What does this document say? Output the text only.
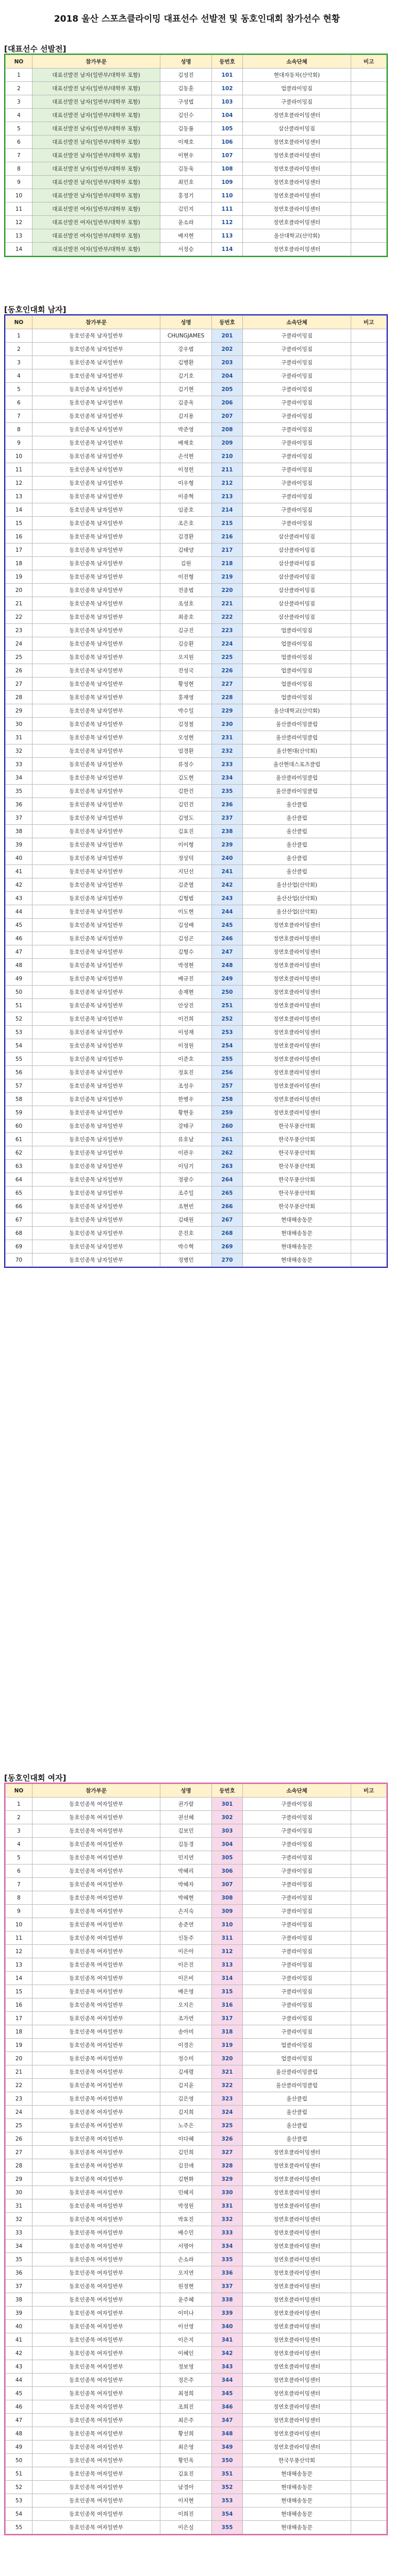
2018 울산 스포츠클라이밍 대표선수 선발전 및 동호인대회 참가선수 현황
[대표선수 선발전]
NO	참가부문	성명	등번호	소속단체	비고
1	대표선발전 남자(일반부/대학부 포함)	김성진	101	현대자동차(산악회)	
2	대표선발전 남자(일반부/대학부 포함)	김동훈	102	업클라이밍짐	
3	대표선발전 남자(일반부/대학부 포함)	구성법	103	구클라이밍짐	
4	대표선발전 남자(일반부/대학부 포함)	김인수	104	정연호클라이밍센터	
5	대표선발전 남자(일반부/대학부 포함)	김동률	105	삼산클라이밍짐	
6	대표선발전 남자(일반부/대학부 포함)	이재호	106	정연호클라이밍센터	
7	대표선발전 남자(일반부/대학부 포함)	이현우	107	정연호클라이밍센터	
8	대표선발전 남자(일반부/대학부 포함)	김동욱	108	정연호클라이밍센터	
9	대표선발전 남자(일반부/대학부 포함)	최민호	109	정연호클라이밍센터	
10	대표선발전 남자(일반부/대학부 포함)	홍정기	110	정연호클라이밍센터	
11	대표선발전 여자(일반부/대학부 포함)	김민지	111	정연호클라이밍센터	
12	대표선발전 여자(일반부/대학부 포함)	윤소라	112	정연호클라이밍센터	
13	대표선발전 여자(일반부/대학부 포함)	배지현	113	울산대학교(산악회)	
14	대표선발전 여자(일반부/대학부 포함)	서정승	114	정연호클라이밍센터	
[동호인대회 남자]
NO	참가부문	성명	등번호	소속단체	비고
1	동호인종목 남자일반부	CHUNGJAMES	201	구클라이밍짐	
2	동호인종목 남자일반부	강우범	202	구클라이밍짐	
3	동호인종목 남자일반부	김병환	203	구클라이밍짐	
4	동호인종목 남자일반부	김기호	204	구클라이밍짐	
5	동호인종목 남자일반부	김기현	205	구클라이밍짐	
6	동호인종목 남자일반부	김종옥	206	구클라이밍짐	
7	동호인종목 남자일반부	김지용	207	구클라이밍짐	
8	동호인종목 남자일반부	박준영	208	구클라이밍짐	
9	동호인종목 남자일반부	배재호	209	구클라이밍짐	
10	동호인종목 남자일반부	손석현	210	구클라이밍짐	
11	동호인종목 남자일반부	이정헌	211	구클라이밍짐	
12	동호인종목 남자일반부	이우형	212	구클라이밍짐	
13	동호인종목 남자일반부	이종혁	213	구클라이밍짐	
14	동호인종목 남자일반부	임종호	214	구클라이밍짐	
15	동호인종목 남자일반부	조은호	215	구클라이밍짐	
16	동호인종목 남자일반부	김경환	216	삼산클라이밍짐	
17	동호인종목 남자일반부	김태양	217	삼산클라이밍짐	
18	동호인종목 남자일반부	김원	218	삼산클라이밍짐	
19	동호인종목 남자일반부	이진형	219	삼산클라이밍짐	
20	동호인종목 남자일반부	전종범	220	삼산클라이밍짐	
21	동호인종목 남자일반부	조성호	221	삼산클라이밍짐	
22	동호인종목 남자일반부	최종호	222	삼산클라이밍짐	
23	동호인종목 남자일반부	김규진	223	업클라이밍짐	
24	동호인종목 남자일반부	김승환	224	업클라이밍짐	
25	동호인종목 남자일반부	오지원	225	업클라이밍짐	
26	동호인종목 남자일반부	전성국	226	업클라이밍짐	
27	동호인종목 남자일반부	황성현	227	업클라이밍짐	
28	동호인종목 남자일반부	홍재영	228	업클라이밍짐	
29	동호인종목 남자일반부	박수일	229	울산대학교(산악회)	
30	동호인종목 남자일반부	김정철	230	울산클라이밍클럽	
31	동호인종목 남자일반부	오성현	231	울산클라이밍클럽	
32	동호인종목 남자일반부	엄경환	232	울산현대(산악회)	
33	동호인종목 남자일반부	류정수	233	울산현대스포츠클럽	
34	동호인종목 남자일반부	김도현	234	울산클라이밍클럽	
35	동호인종목 남자일반부	김한건	235	울산클라이밍클럽	
36	동호인종목 남자일반부	김민건	236	울산클럽	
37	동호인종목 남자일반부	김영도	237	울산클럽	
38	동호인종목 남자일반부	김효진	238	울산클럽	
39	동호인종목 남자일반부	이이형	239	울산클럽	
40	동호인종목 남자일반부	정상덕	240	울산클럽	
41	동호인종목 남자일반부	지딘선	241	울산클럽	
42	동호인종목 남자일반부	김준열	242	울산산업(산악회)	
43	동호인종목 남자일반부	김형범	243	울산산업(산악회)	
44	동호인종목 남자일반부	이도현	244	울산산업(산악회)	
45	동호인종목 남자일반부	김성배	245	정연호클라이밍센터	
46	동호인종목 남자일반부	김성곤	246	정연호클라이밍센터	
47	동호인종목 남자일반부	김형수	247	정연호클라이밍센터	
48	동호인종목 남자일반부	박정현	248	정연호클라이밍센터	
49	동호인종목 남자일반부	배규진	249	정연호클라이밍센터	
50	동호인종목 남자일반부	송재현	250	정연호클라이밍센터	
51	동호인종목 남자일반부	안상진	251	정연호클라이밍센터	
52	동호인종목 남자일반부	이건희	252	정연호클라이밍센터	
53	동호인종목 남자일반부	이성재	253	정연호클라이밍센터	
54	동호인종목 남자일반부	이정원	254	정연호클라이밍센터	
55	동호인종목 남자일반부	이준호	255	정연호클라이밍센터	
56	동호인종목 남자일반부	정효진	256	정연호클라이밍센터	
57	동호인종목 남자일반부	조성우	257	정연호클라이밍센터	
58	동호인종목 남자일반부	한병우	258	정연호클라이밍센터	
59	동호인종목 남자일반부	황현웅	259	정연호클라이밍센터	
60	동호인종목 남자일반부	강태구	260	한국무풍산악회	
61	동호인종목 남자일반부	류호남	261	한국무풍산악회	
62	동호인종목 남자일반부	이관우	262	한국무풍산악회	
63	동호인종목 남자일반부	이딩기	263	한국무풍산악회	
64	동호인종목 남자일반부	정광수	264	한국무풍산악회	
65	동호인종목 남자일반부	조주일	265	한국무풍산악회	
66	동호인종목 남자일반부	조현빈	266	한국무풍산악회	
67	동호인종목 남자일반부	김태원	267	현대해송동문	
68	동호인종목 남자일반부	문진호	268	현대해송동문	
69	동호인종목 남자일반부	박수혁	269	현대해송동문	
70	동호인종목 남자일반부	정병민	270	현대해송동문	
[동호인대회 여자]
NO	참가부문	성명	등번호	소속단체	비고
1	동호인종목 여자일반부	권가람	301	구클라이밍짐	
2	동호인종목 여자일반부	권선혜	302	구클라이밍짐	
3	동호인종목 여자일반부	김보민	303	구클라이밍짐	
4	동호인종목 여자일반부	김동경	304	구클라이밍짐	
5	동호인종목 여자일반부	민지연	305	구클라이밍짐	
6	동호인종목 여자일반부	박혜리	306	구클라이밍짐	
7	동호인종목 여자일반부	박혜자	307	구클라이밍짐	
8	동호인종목 여자일반부	박혜현	308	구클라이밍짐	
9	동호인종목 여자일반부	손지숙	309	구클라이밍짐	
10	동호인종목 여자일반부	송준연	310	구클라이밍짐	
11	동호인종목 여자일반부	신동주	311	구클라이밍짐	
12	동호인종목 여자일반부	이은아	312	구클라이밍짐	
13	동호인종목 여자일반부	이은진	313	구클라이밍짐	
14	동호인종목 여자일반부	이은비	314	구클라이밍짐	
15	동호인종목 여자일반부	배은영	315	구클라이밍짐	
16	동호인종목 여자일반부	오지은	316	구클라이밍짐	
17	동호인종목 여자일반부	조가연	317	구클라이밍짐	
18	동호인종목 여자일반부	송아미	318	구클라이밍짐	
19	동호인종목 여자일반부	이경은	319	업클라이밍짐	
20	동호인종목 여자일반부	정수미	320	업클라이밍짐	
21	동호인종목 여자일반부	김세령	321	울산클라이밍클럽	
22	동호인종목 여자일반부	김지윤	322	울산클라이밍클럽	
23	동호인종목 여자일반부	김은영	323	울산클럽	
24	동호인종목 여자일반부	김지희	324	울산클럽	
25	동호인종목 여자일반부	노주은	325	울산클럽	
26	동호인종목 여자일반부	이다혜	326	울산클럽	
27	동호인종목 여자일반부	김민희	327	정연호클라이밍센터	
28	동호인종목 여자일반부	김진애	328	정연호클라이밍센터	
29	동호인종목 여자일반부	김현화	329	정연호클라이밍센터	
30	동호인종목 여자일반부	민혜지	330	정연호클라이밍센터	
31	동호인종목 여자일반부	박정원	331	정연호클라이밍센터	
32	동호인종목 여자일반부	박효진	332	정연호클라이밍센터	
33	동호인종목 여자일반부	배수민	333	정연호클라이밍센터	
34	동호인종목 여자일반부	서명아	334	정연호클라이밍센터	
35	동호인종목 여자일반부	손소라	335	정연호클라이밍센터	
36	동호인종목 여자일반부	오지연	336	정연호클라이밍센터	
37	동호인종목 여자일반부	원정현	337	정연호클라이밍센터	
38	동호인종목 여자일반부	윤주혜	338	정연호클라이밍센터	
39	동호인종목 여자일반부	이미나	339	정연호클라이밍센터	
40	동호인종목 여자일반부	이선영	340	정연호클라이밍센터	
41	동호인종목 여자일반부	이은지	341	정연호클라이밍센터	
42	동호인종목 여자일반부	이혜인	342	정연호클라이밍센터	
43	동호인종목 여자일반부	정보영	343	정연호클라이밍센터	
44	동호인종목 여자일반부	정은주	344	정연호클라이밍센터	
45	동호인종목 여자일반부	최정희	345	정연호클라이밍센터	
46	동호인종목 여자일반부	조희진	346	정연호클라이밍센터	
47	동호인종목 여자일반부	최은주	347	정연호클라이밍센터	
48	동호인종목 여자일반부	황선희	348	정연호클라이밍센터	
49	동호인종목 여자일반부	최은영	349	정연호클라이밍센터	
50	동호인종목 여자일반부	황민옥	350	한국무풍산악회	
51	동호인종목 여자일반부	김효진	351	현대해송동문	
52	동호인종목 여자일반부	남경아	352	현대해송동문	
53	동호인종목 여자일반부	이지현	353	현대해송동문	
54	동호인종목 여자일반부	이희진	354	현대해송동문	
55	동호인종목 여자일반부	이은실	355	현대해송동문	
